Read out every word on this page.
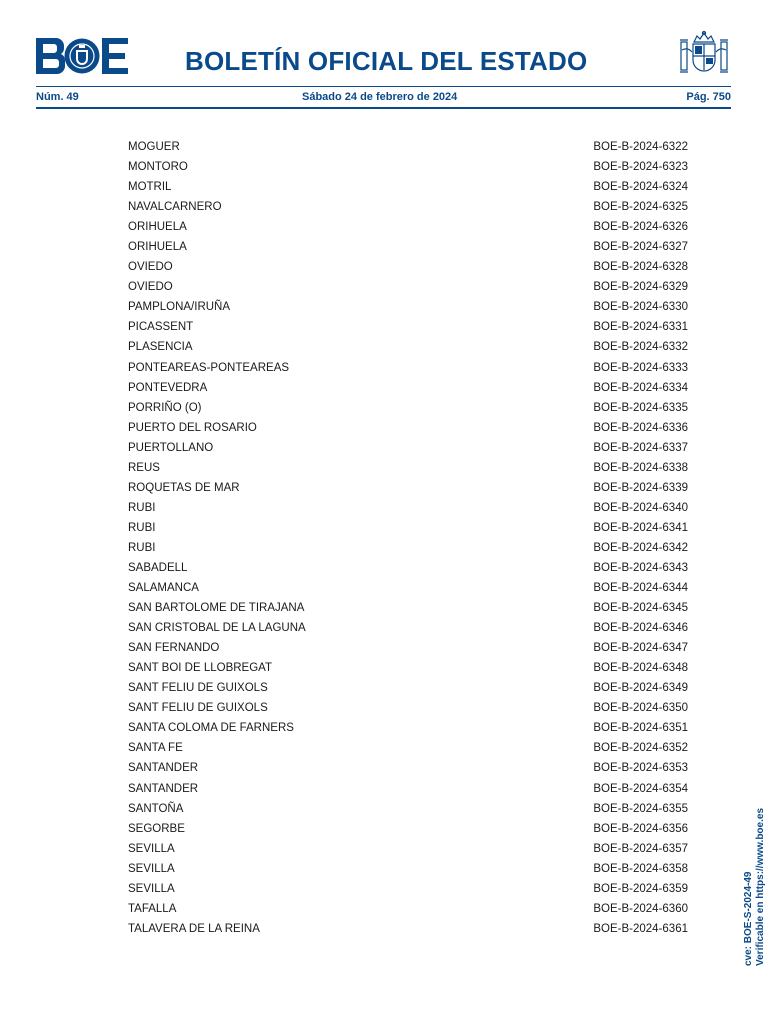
BOLETÍN OFICIAL DEL ESTADO
Núm. 49	Sábado 24 de febrero de 2024	Pág. 750
MOGUER	BOE-B-2024-6322
MONTORO	BOE-B-2024-6323
MOTRIL	BOE-B-2024-6324
NAVALCARNERO	BOE-B-2024-6325
ORIHUELA	BOE-B-2024-6326
ORIHUELA	BOE-B-2024-6327
OVIEDO	BOE-B-2024-6328
OVIEDO	BOE-B-2024-6329
PAMPLONA/IRUÑA	BOE-B-2024-6330
PICASSENT	BOE-B-2024-6331
PLASENCIA	BOE-B-2024-6332
PONTEAREAS-PONTEAREAS	BOE-B-2024-6333
PONTEVEDRA	BOE-B-2024-6334
PORRIÑO (O)	BOE-B-2024-6335
PUERTO DEL ROSARIO	BOE-B-2024-6336
PUERTOLLANO	BOE-B-2024-6337
REUS	BOE-B-2024-6338
ROQUETAS DE MAR	BOE-B-2024-6339
RUBI	BOE-B-2024-6340
RUBI	BOE-B-2024-6341
RUBI	BOE-B-2024-6342
SABADELL	BOE-B-2024-6343
SALAMANCA	BOE-B-2024-6344
SAN BARTOLOME DE TIRAJANA	BOE-B-2024-6345
SAN CRISTOBAL DE LA LAGUNA	BOE-B-2024-6346
SAN FERNANDO	BOE-B-2024-6347
SANT BOI DE LLOBREGAT	BOE-B-2024-6348
SANT FELIU DE GUIXOLS	BOE-B-2024-6349
SANT FELIU DE GUIXOLS	BOE-B-2024-6350
SANTA COLOMA DE FARNERS	BOE-B-2024-6351
SANTA FE	BOE-B-2024-6352
SANTANDER	BOE-B-2024-6353
SANTANDER	BOE-B-2024-6354
SANTOÑA	BOE-B-2024-6355
SEGORBE	BOE-B-2024-6356
SEVILLA	BOE-B-2024-6357
SEVILLA	BOE-B-2024-6358
SEVILLA	BOE-B-2024-6359
TAFALLA	BOE-B-2024-6360
TALAVERA DE LA REINA	BOE-B-2024-6361	cve: BOE-S-2024-49 Verificable en https://www.boe.es
